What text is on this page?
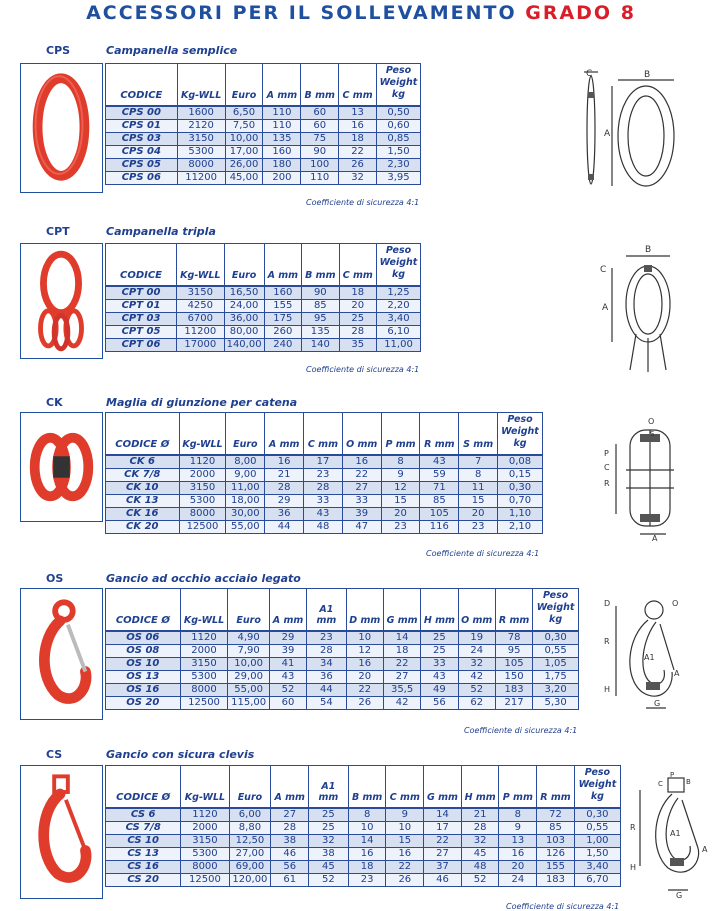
ACCESSORI PER IL SOLLEVAMENTO GRADO 8
CPS	Campanella semplice
CODICE	Kg-WLL	Euro	A mm	B mm	C mm	Peso Weight kg

CPS 00	1600	6,50	110	60	13	0,50
CPS 01	2120	7,50	110	60	16	0,60
CPS 03	3150	10,00	135	75	18	0,85
CPS 04	5300	17,00	160	90	22	1,50
CPS 05	8000	26,00	180	100	26	2,30
CPS 06	11200	45,00	200	110	32	3,95
Coefficiente di sicurezza 4:1
C	B
A
CPT	Campanella tripla
CODICE	Kg-WLL	Euro	A mm	B mm	C mm	Peso Weight kg

CPT 00	3150	16,50	160	90	18	1,25
CPT 01	4250	24,00	155	85	20	2,20
CPT 03	6700	36,00	175	95	25	3,40
CPT 05	11200	80,00	260	135	28	6,10
CPT 06	17000	140,00	240	140	35	11,00
Coefficiente di sicurezza 4:1
B
C
A
CK	Maglia di giunzione per catena
CODICE Ø	Kg-WLL	Euro	A mm	C mm	O mm	P mm	R mm	S mm	Peso Weight kg

CK 6	1120	8,00	16	17	16	8	43	7	0,08
CK 7/8	2000	9,00	21	23	22	9	59	8	0,15
CK 10	3150	11,00	28	28	27	12	71	11	0,30
CK 13	5300	18,00	29	33	33	15	85	15	0,70
CK 16	8000	30,00	36	43	39	20	105	20	1,10
CK 20	12500	55,00	44	48	47	23	116	23	2,10
Coefficiente di sicurezza 4:1
O
S
P
C
R
A
OS	Gancio ad occhio acciaio legato
CODICE Ø	Kg-WLL	Euro	A mm	A1 mm	D mm	G mm	H mm	O mm	R mm	Peso Weight kg

OS 06	1120	4,90	29	23	10	14	25	19	78	0,30
OS 08	2000	7,90	39	28	12	18	25	24	95	0,55
OS 10	3150	10,00	41	34	16	22	33	32	105	1,05
OS 13	5300	29,00	43	36	20	27	43	42	150	1,75
OS 16	8000	55,00	52	44	22	35,5	49	52	183	3,20
OS 20	12500	115,00	60	54	26	42	56	62	217	5,30
Coefficiente di sicurezza 4:1
D	O
R
A1
A
H
G
CS	Gancio con sicura clevis
CODICE Ø	Kg-WLL	Euro	A mm	A1 mm	B mm	C mm	G mm	H mm	P mm	R mm	Peso Weight kg

CS 6	1120	6,00	27	25	8	9	14	21	8	72	0,30
CS 7/8	2000	8,80	28	25	10	10	17	28	9	85	0,55
CS 10	3150	12,50	38	32	14	15	22	32	13	103	1,00
CS 13	5300	27,00	46	38	16	16	27	45	16	126	1,50
CS 16	8000	69,00	56	45	18	22	37	48	20	155	3,40
CS 20	12500	120,00	61	52	23	26	46	52	24	183	6,70
Coefficiente di sicurezza 4:1
P
B
C
R
A1
A
H
G
